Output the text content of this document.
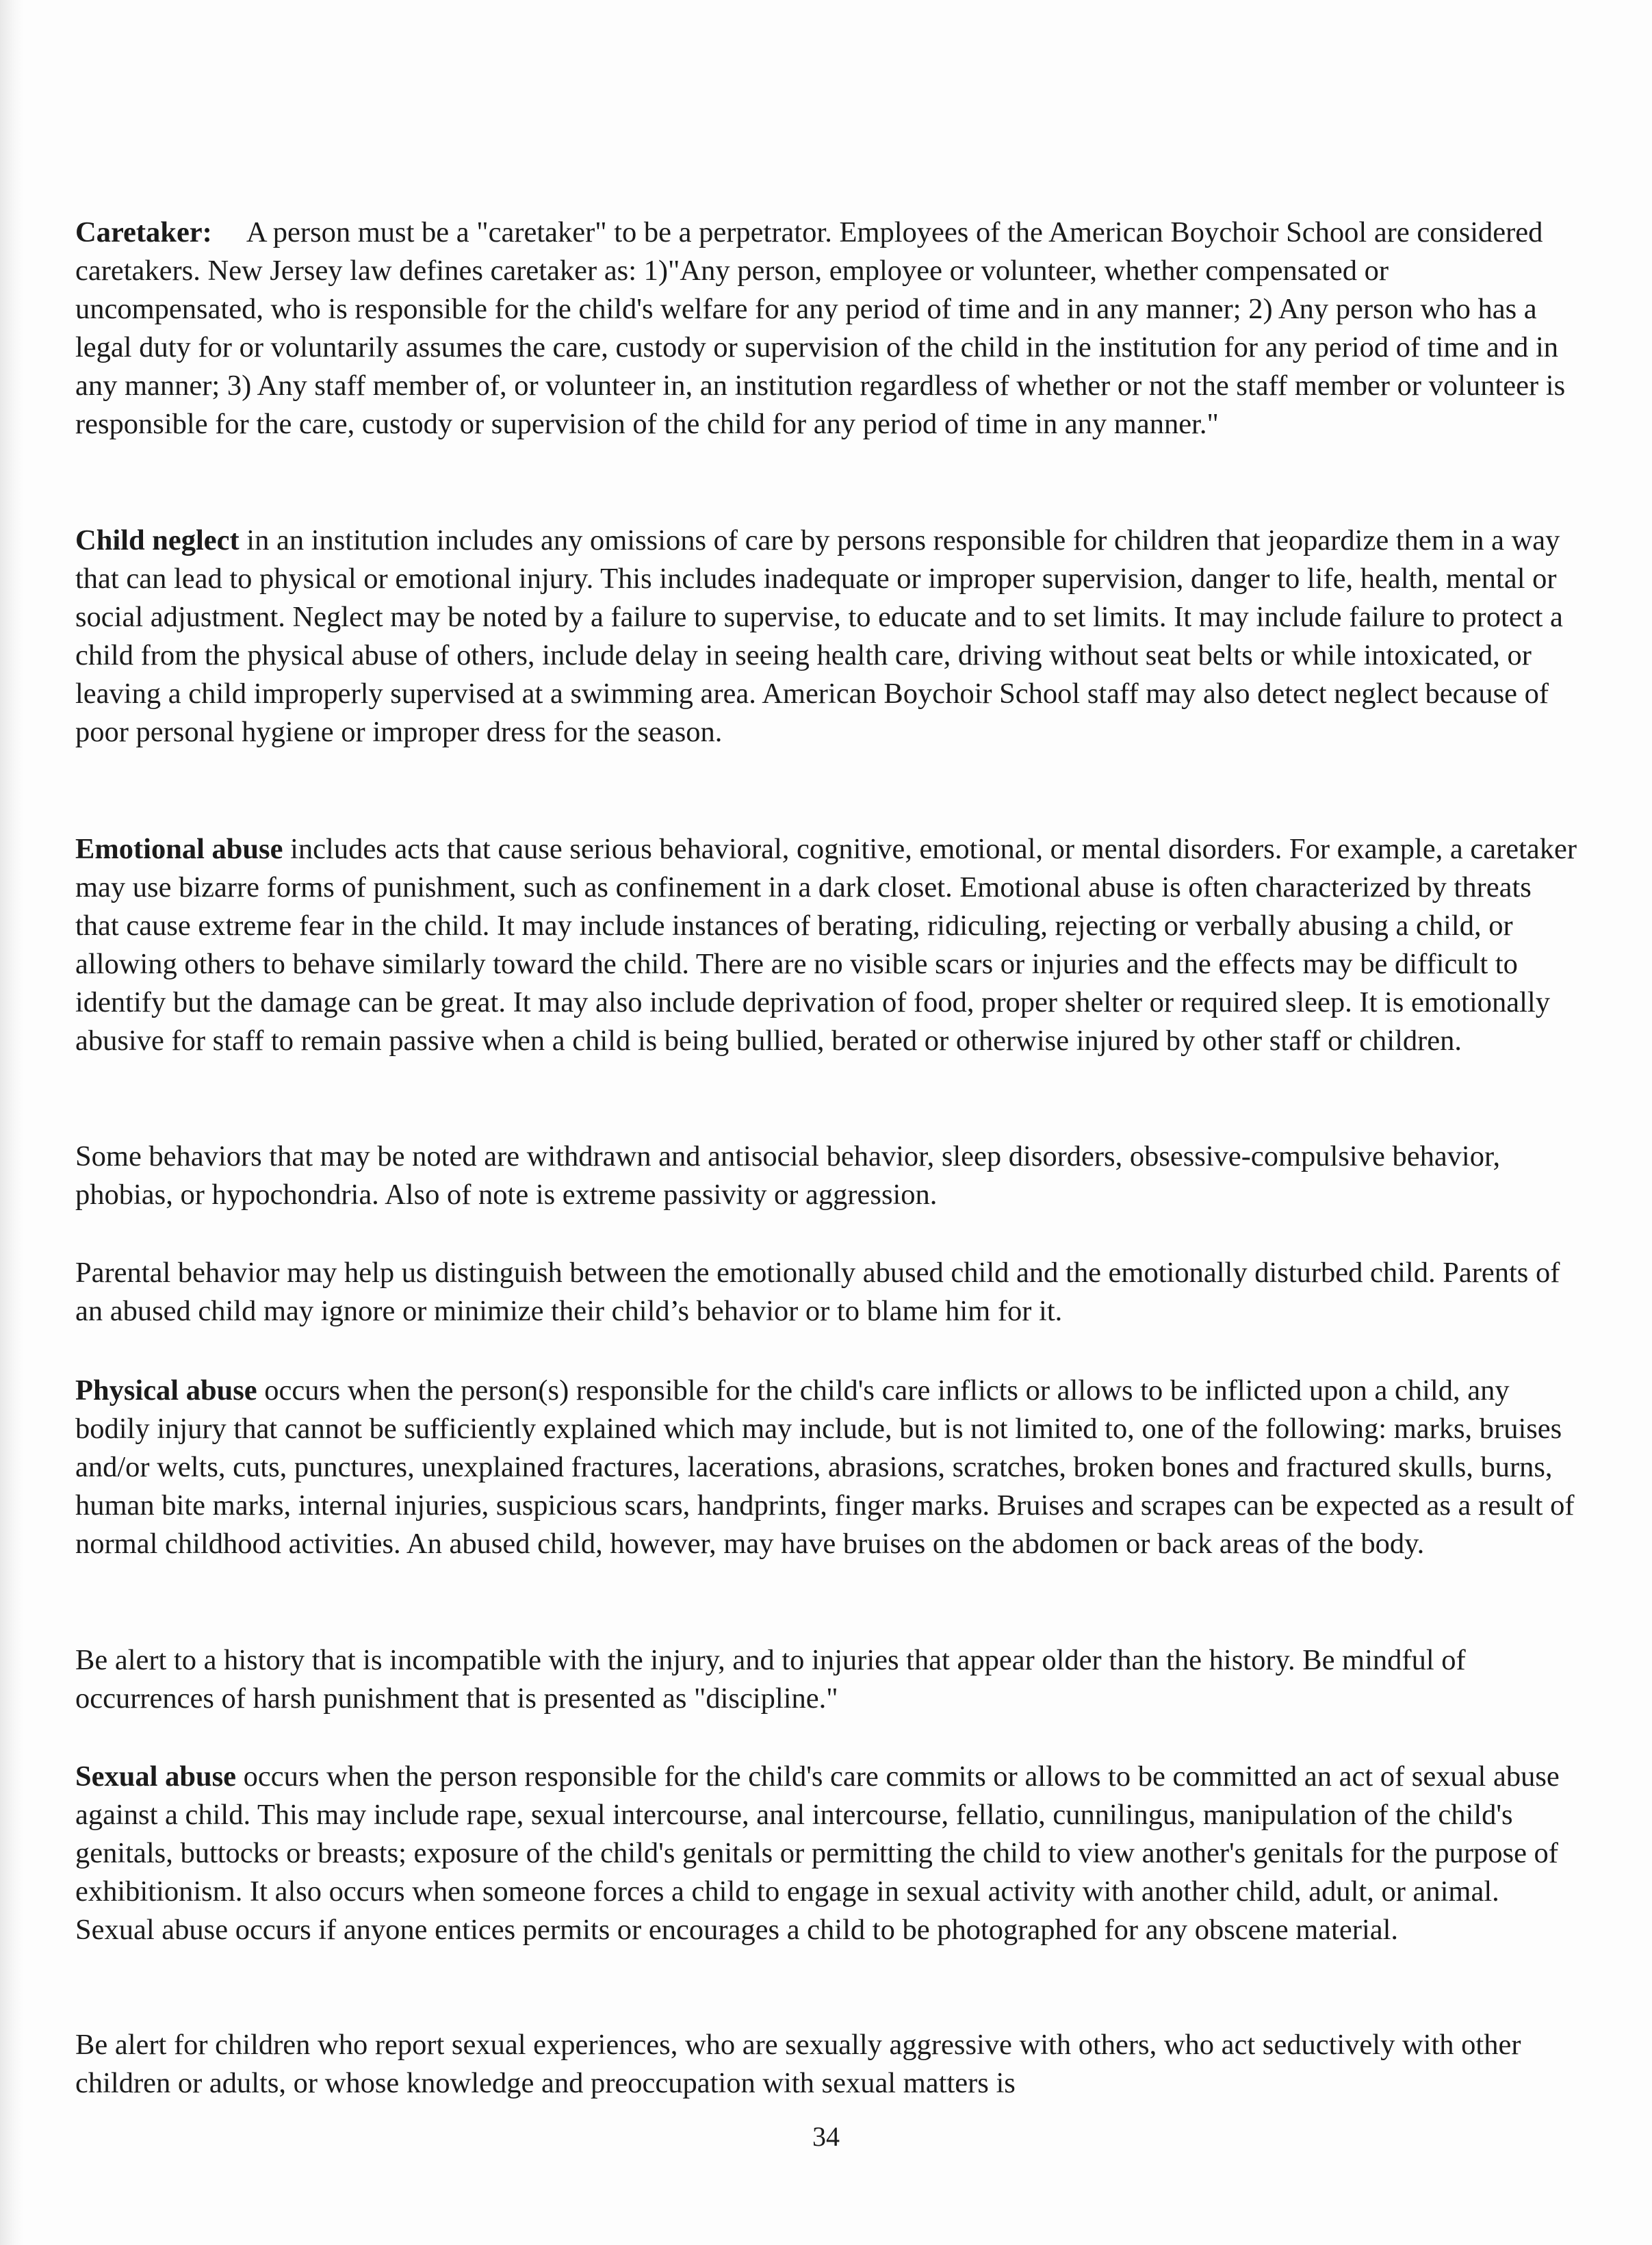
Caretaker: A person must be a "caretaker" to be a perpetrator. Employees of the American Boychoir School are considered caretakers. New Jersey law defines caretaker as: 1)"Any person, employee or volunteer, whether compensated or uncompensated, who is responsible for the child's welfare for any period of time and in any manner; 2) Any person who has a legal duty for or voluntarily assumes the care, custody or supervision of the child in the institution for any period of time and in any manner; 3) Any staff member of, or volunteer in, an institution regardless of whether or not the staff member or volunteer is responsible for the care, custody or supervision of the child for any period of time in any manner."

Child neglect in an institution includes any omissions of care by persons responsible for children that jeopardize them in a way that can lead to physical or emotional injury. This includes inadequate or improper supervision, danger to life, health, mental or social adjustment. Neglect may be noted by a failure to supervise, to educate and to set limits. It may include failure to protect a child from the physical abuse of others, include delay in seeing health care, driving without seat belts or while intoxicated, or leaving a child improperly supervised at a swimming area. American Boychoir School staff may also detect neglect because of poor personal hygiene or improper dress for the season.

Emotional abuse includes acts that cause serious behavioral, cognitive, emotional, or mental disorders. For example, a caretaker may use bizarre forms of punishment, such as confinement in a dark closet. Emotional abuse is often characterized by threats that cause extreme fear in the child. It may include instances of berating, ridiculing, rejecting or verbally abusing a child, or allowing others to behave similarly toward the child. There are no visible scars or injuries and the effects may be difficult to identify but the damage can be great. It may also include deprivation of food, proper shelter or required sleep. It is emotionally abusive for staff to remain passive when a child is being bullied, berated or otherwise injured by other staff or children.

Some behaviors that may be noted are withdrawn and antisocial behavior, sleep disorders, obsessive-compulsive behavior, phobias, or hypochondria. Also of note is extreme passivity or aggression.

Parental behavior may help us distinguish between the emotionally abused child and the emotionally disturbed child. Parents of an abused child may ignore or minimize their child’s behavior or to blame him for it.

Physical abuse occurs when the person(s) responsible for the child's care inflicts or allows to be inflicted upon a child, any bodily injury that cannot be sufficiently explained which may include, but is not limited to, one of the following: marks, bruises and/or welts, cuts, punctures, unexplained fractures, lacerations, abrasions, scratches, broken bones and fractured skulls, burns, human bite marks, internal injuries, suspicious scars, handprints, finger marks. Bruises and scrapes can be expected as a result of normal childhood activities. An abused child, however, may have bruises on the abdomen or back areas of the body.

Be alert to a history that is incompatible with the injury, and to injuries that appear older than the history. Be mindful of occurrences of harsh punishment that is presented as "discipline."

Sexual abuse occurs when the person responsible for the child's care commits or allows to be committed an act of sexual abuse against a child. This may include rape, sexual intercourse, anal intercourse, fellatio, cunnilingus, manipulation of the child's genitals, buttocks or breasts; exposure of the child's genitals or permitting the child to view another's genitals for the purpose of exhibitionism. It also occurs when someone forces a child to engage in sexual activity with another child, adult, or animal. Sexual abuse occurs if anyone entices permits or encourages a child to be photographed for any obscene material.

Be alert for children who report sexual experiences, who are sexually aggressive with others, who act seductively with other children or adults, or whose knowledge and preoccupation with sexual matters is

34
